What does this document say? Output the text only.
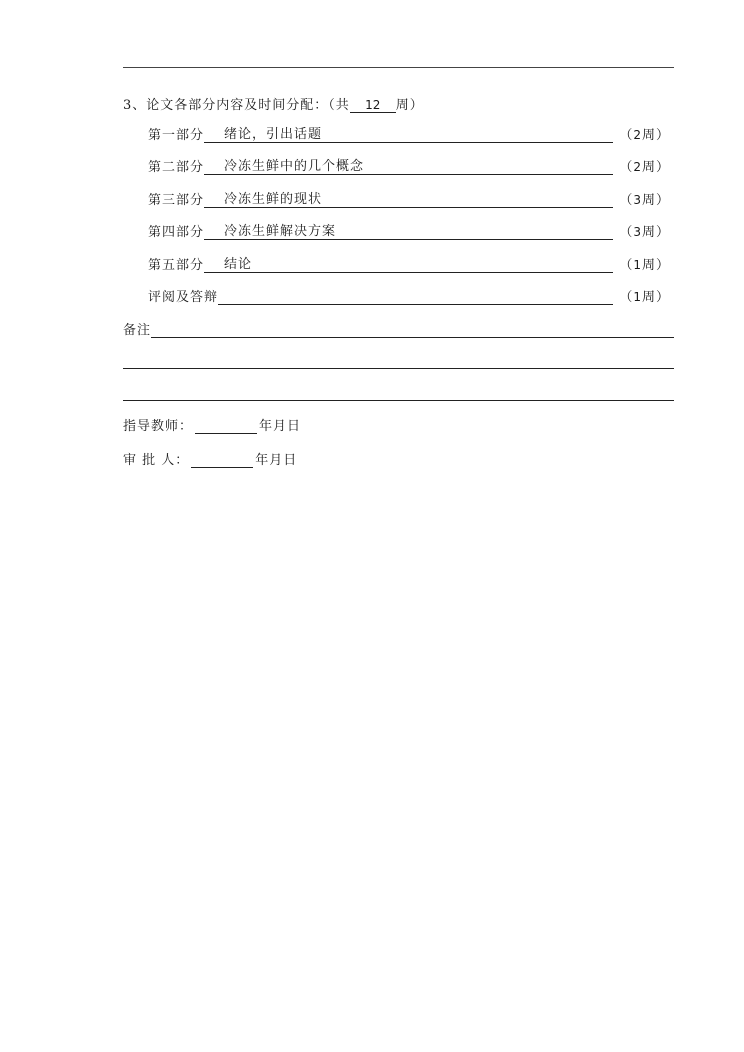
3、论文各部分内容及时间分配：（共 12 周）
第一部分	绪论，引出话题	（2周）
第二部分	冷冻生鲜中的几个概念	（2周）
第三部分	冷冻生鲜的现状	（3周）
第四部分	冷冻生鲜解决方案	（3周）
第五部分	结论	（1周）
评阅及答辩	（1周）
备注
指导教师：	年月日
审 批 人：	年月日
